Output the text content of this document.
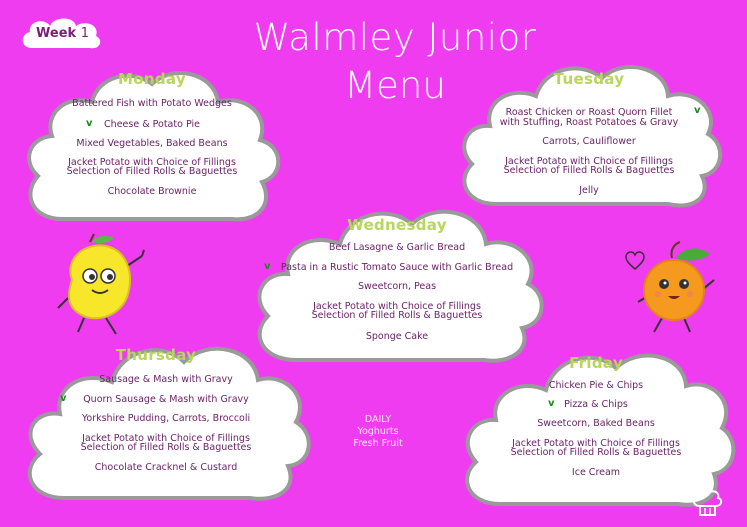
Week 1	Walmley Junior
Menu
Monday
Battered Fish with Potato Wedges
Cheese & Potato Pie
v
Mixed Vegetables, Baked Beans
Jacket Potato with Choice of Fillings
Selection of Filled Rolls & Baguettes
Chocolate Brownie
Tuesday
Roast Chicken or Roast Quorn Fillet	v
with Stuffing, Roast Potatoes & Gravy
Carrots, Cauliflower
Jacket Potato with Choice of Fillings
Selection of Filled Rolls & Baguettes
Jelly
Wednesday
Beef Lasagne & Garlic Bread
Pasta in a Rustic Tomato Sauce with Garlic Bread
v
Sweetcorn, Peas
Jacket Potato with Choice of Fillings
Selection of Filled Rolls & Baguettes
Sponge Cake
Thursday
Sausage & Mash with Gravy
Quorn Sausage & Mash with Gravy
v
Yorkshire Pudding, Carrots, Broccoli
Jacket Potato with Choice of Fillings
Selection of Filled Rolls & Baguettes
Chocolate Cracknel & Custard
Friday
Chicken Pie & Chips
Pizza & Chips
v
Sweetcorn, Baked Beans
Jacket Potato with Choice of Fillings
Selection of Filled Rolls & Baguettes
Ice Cream
DAILY
Yoghurts
Fresh Fruit
